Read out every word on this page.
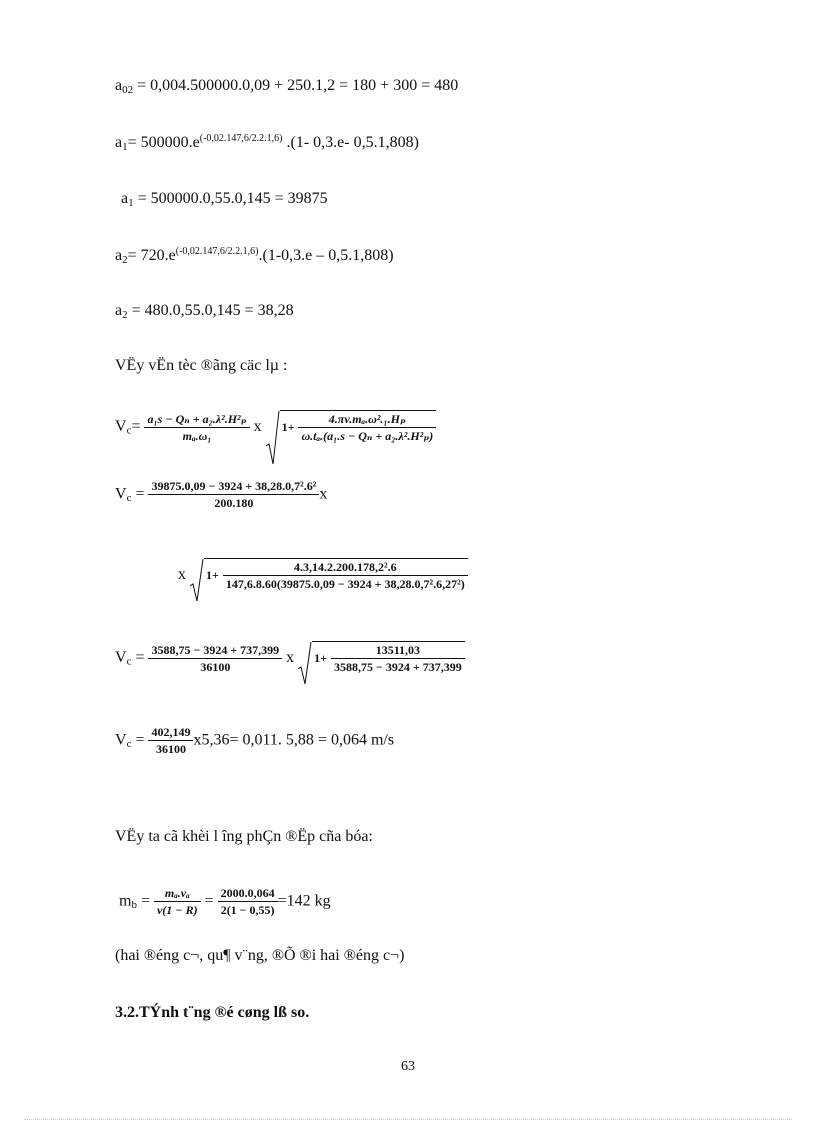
$a_{02} = 0,004.500000.0,09 + 250.1,2 = 180 + 300 = 480$
$a_1= 500000.e^{(-0,02.147,6/2.2.1,6)}$ .(1- 0,3.e- 0,5.1,808)
$a_1 = 500000.0,55.0,145 = 39875$
$a_2= 720.e^{(-0,02.147,6/2.2.1,6)}.(1-0,3.e - 0,5.1,808)$
$a_2 = 480.0,55.0,145 = 38,28$
VËy vËn tèc ®ãng cäc lµ :
$V_c= \frac{\text{a₁s − Qₙ + a₂.λ².H²ₚ}}{\text{mₐ.ω₁}}$ x $1+ \frac{\text{4.πv.mₐ.ω².₁.Hₚ}}{\text{ω.tₐ.(a₁.s − Qₙ + a₂.λ².H²ₚ)}}$
$V_c = \frac{\text{39875.0,09 − 3924 + 38,28.0,7².6²}}{200.180}$ x
x $1+ \frac{\text{4.3,14.2.200.178,2².6}}{\text{147,6.8.60(39875.0,09 − 3924 + 38,28.0,7².6,27²)}}$
$V_c = \frac{3588,75 - 3924 + 737,399}{36100}$ x $1+ \frac{13511,03}{3588,75 - 3924 + 737,399}$
$V_c = \frac{402,149}{36100} x5,36= 0,011$. 5,88 = 0,064 m/s
VËy ta cã khèi l îng phÇn ®Ëp cña bóa:
$m_b = \frac{\text{mₐ.vₐ}}{v(1 - R)} = \frac{2000.0,064}{2(1 - 0,55)} =142$ kg
(hai ®éng c¬, qu¶ v¨ng, ®Õ ®i hai ®éng c¬)
3.2.TÝnh t¨ng ®é cøng lß so.
63
